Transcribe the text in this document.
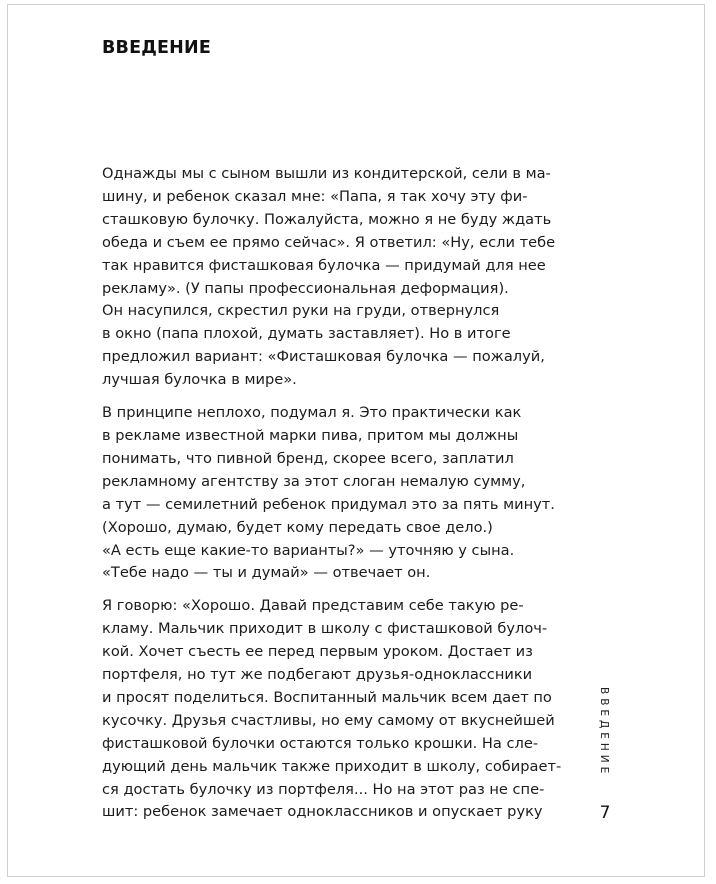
ВВЕДЕНИЕ

Однажды мы с сыном вышли из кондитерской, сели в ма-
шину, и ребенок сказал мне: «Папа, я так хочу эту фи-
сташковую булочку. Пожалуйста, можно я не буду ждать
обеда и съем ее прямо сейчас». Я ответил: «Ну, если тебе
так нравится фисташковая булочка — придумай для нее
рекламу». (У папы профессиональная деформация).
Он насупился, скрестил руки на груди, отвернулся
в окно (папа плохой, думать заставляет). Но в итоге
предложил вариант: «Фисташковая булочка — пожалуй,
лучшая булочка в мире».

В принципе неплохо, подумал я. Это практически как
в рекламе известной марки пива, притом мы должны
понимать, что пивной бренд, скорее всего, заплатил
рекламному агентству за этот слоган немалую сумму,
а тут — семилетний ребенок придумал это за пять минут.
(Хорошо, думаю, будет кому передать свое дело.)
«А есть еще какие-то варианты?» — уточняю у сына.
«Тебе надо — ты и думай» — отвечает он.

Я говорю: «Хорошо. Давай представим себе такую ре-
кламу. Мальчик приходит в школу с фисташковой булоч-
кой. Хочет съесть ее перед первым уроком. Достает из
портфеля, но тут же подбегают друзья-одноклассники
и просят поделиться. Воспитанный мальчик всем дает по
кусочку. Друзья счастливы, но ему самому от вкуснейшей
фисташковой булочки остаются только крошки. На сле-
дующий день мальчик также приходит в школу, собирает-
ся достать булочку из портфеля... Но на этот раз не спе-
шит: ребенок замечает одноклассников и опускает руку

ВВЕДЕНИЕ
7
